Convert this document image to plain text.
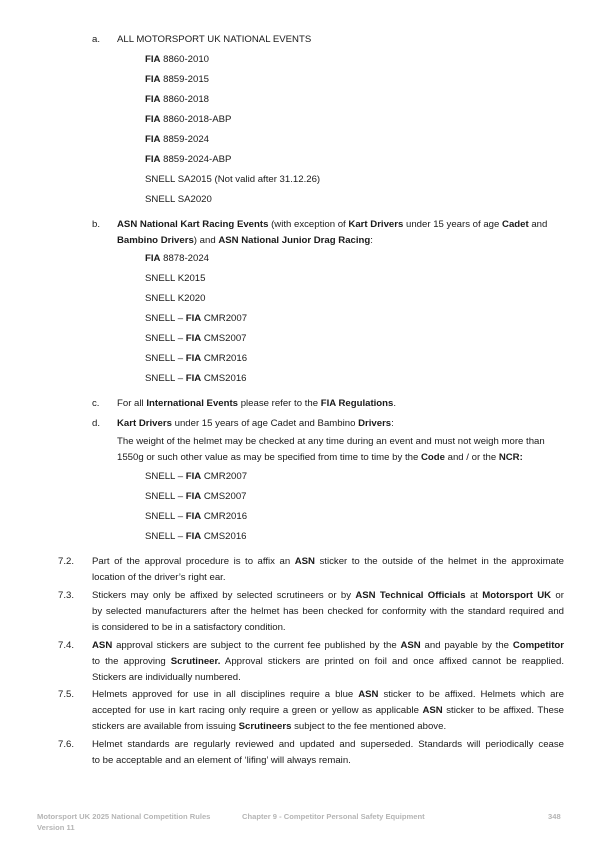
a. ALL MOTORSPORT UK NATIONAL EVENTS
FIA 8860-2010
FIA 8859-2015
FIA 8860-2018
FIA 8860-2018-ABP
FIA 8859-2024
FIA 8859-2024-ABP
SNELL SA2015 (Not valid after 31.12.26)
SNELL SA2020
b. ASN National Kart Racing Events (with exception of Kart Drivers under 15 years of age Cadet and
Bambino Drivers) and ASN National Junior Drag Racing:
FIA 8878-2024
SNELL K2015
SNELL K2020
SNELL – FIA CMR2007
SNELL – FIA CMS2007
SNELL – FIA CMR2016
SNELL – FIA CMS2016
c. For all International Events please refer to the FIA Regulations.
d. Kart Drivers under 15 years of age Cadet and Bambino Drivers:
The weight of the helmet may be checked at any time during an event and must not weigh more than
1550g or such other value as may be specified from time to time by the Code and / or the NCR:
SNELL – FIA CMR2007
SNELL – FIA CMS2007
SNELL – FIA CMR2016
SNELL – FIA CMS2016
7.2. Part of the approval procedure is to affix an ASN sticker to the outside of the helmet in the approximate
location of the driver’s right ear.
7.3. Stickers may only be affixed by selected scrutineers or by ASN Technical Officials at Motorsport UK or
by selected manufacturers after the helmet has been checked for conformity with the standard required and
is considered to be in a satisfactory condition.
7.4. ASN approval stickers are subject to the current fee published by the ASN and payable by the Competitor
to the approving Scrutineer. Approval stickers are printed on foil and once affixed cannot be reapplied.
Stickers are individually numbered.
7.5. Helmets approved for use in all disciplines require a blue ASN sticker to be affixed. Helmets which are
accepted for use in kart racing only require a green or yellow as applicable ASN sticker to be affixed. These
stickers are available from issuing Scrutineers subject to the fee mentioned above.
7.6. Helmet standards are regularly reviewed and updated and superseded. Standards will periodically cease
to be acceptable and an element of ‘lifing’ will always remain.
Motorsport UK 2025 National Competition Rules
Version 11
Chapter 9 - Competitor Personal Safety Equipment	348
